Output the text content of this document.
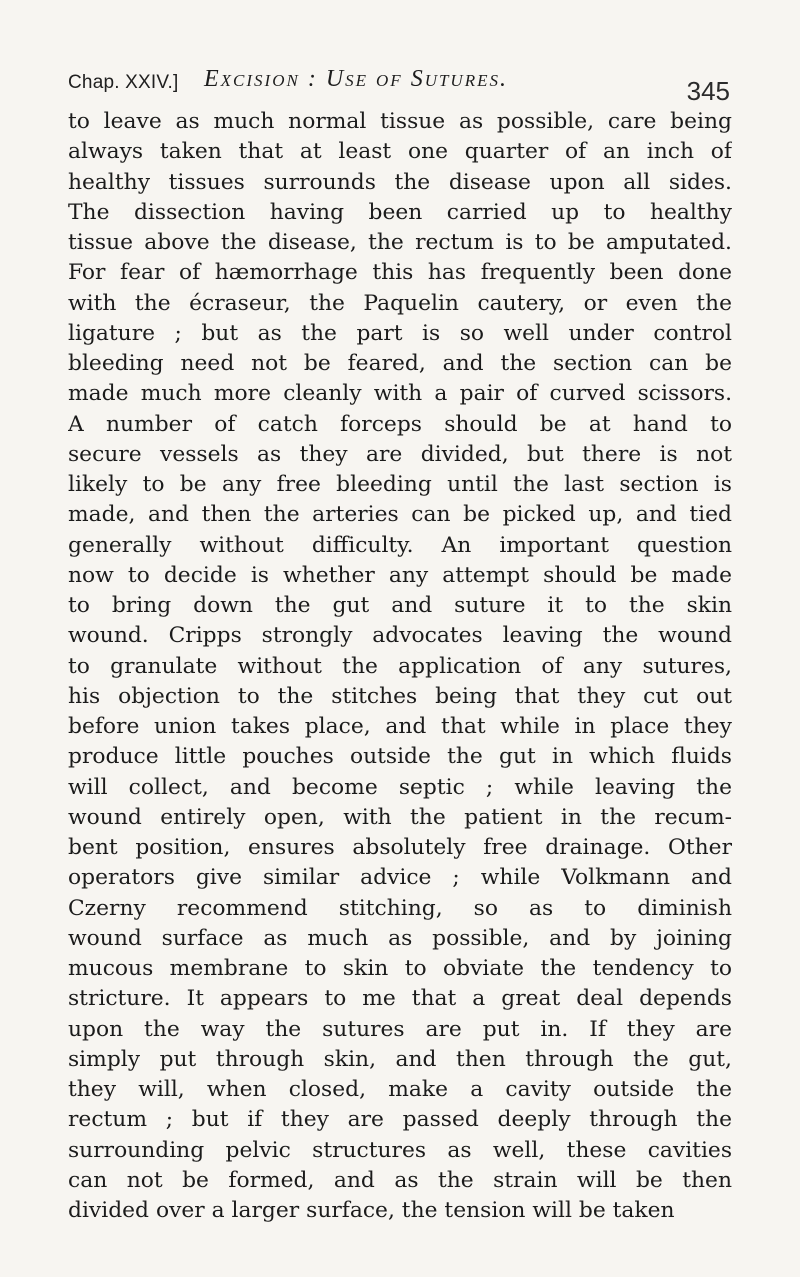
Chap. XXIV.] Excision : Use of Sutures.	345
to leave as much normal tissue as possible, care being
always taken that at least one quarter of an inch of
healthy tissues surrounds the disease upon all sides.
The dissection having been carried up to healthy
tissue above the disease, the rectum is to be amputated.
For fear of hæmorrhage this has frequently been done
with the écraseur, the Paquelin cautery, or even the
ligature ; but as the part is so well under control
bleeding need not be feared, and the section can be
made much more cleanly with a pair of curved scissors.
A number of catch forceps should be at hand to
secure vessels as they are divided, but there is not
likely to be any free bleeding until the last section is
made, and then the arteries can be picked up, and tied
generally without difficulty. An important question
now to decide is whether any attempt should be made
to bring down the gut and suture it to the skin
wound. Cripps strongly advocates leaving the wound
to granulate without the application of any sutures,
his objection to the stitches being that they cut out
before union takes place, and that while in place they
produce little pouches outside the gut in which fluids
will collect, and become septic ; while leaving the
wound entirely open, with the patient in the recum-
bent position, ensures absolutely free drainage. Other
operators give similar advice ; while Volkmann and
Czerny recommend stitching, so as to diminish
wound surface as much as possible, and by joining
mucous membrane to skin to obviate the tendency to
stricture. It appears to me that a great deal depends
upon the way the sutures are put in. If they are
simply put through skin, and then through the gut,
they will, when closed, make a cavity outside the
rectum ; but if they are passed deeply through the
surrounding pelvic structures as well, these cavities
can not be formed, and as the strain will be then
divided over a larger surface, the tension will be taken
